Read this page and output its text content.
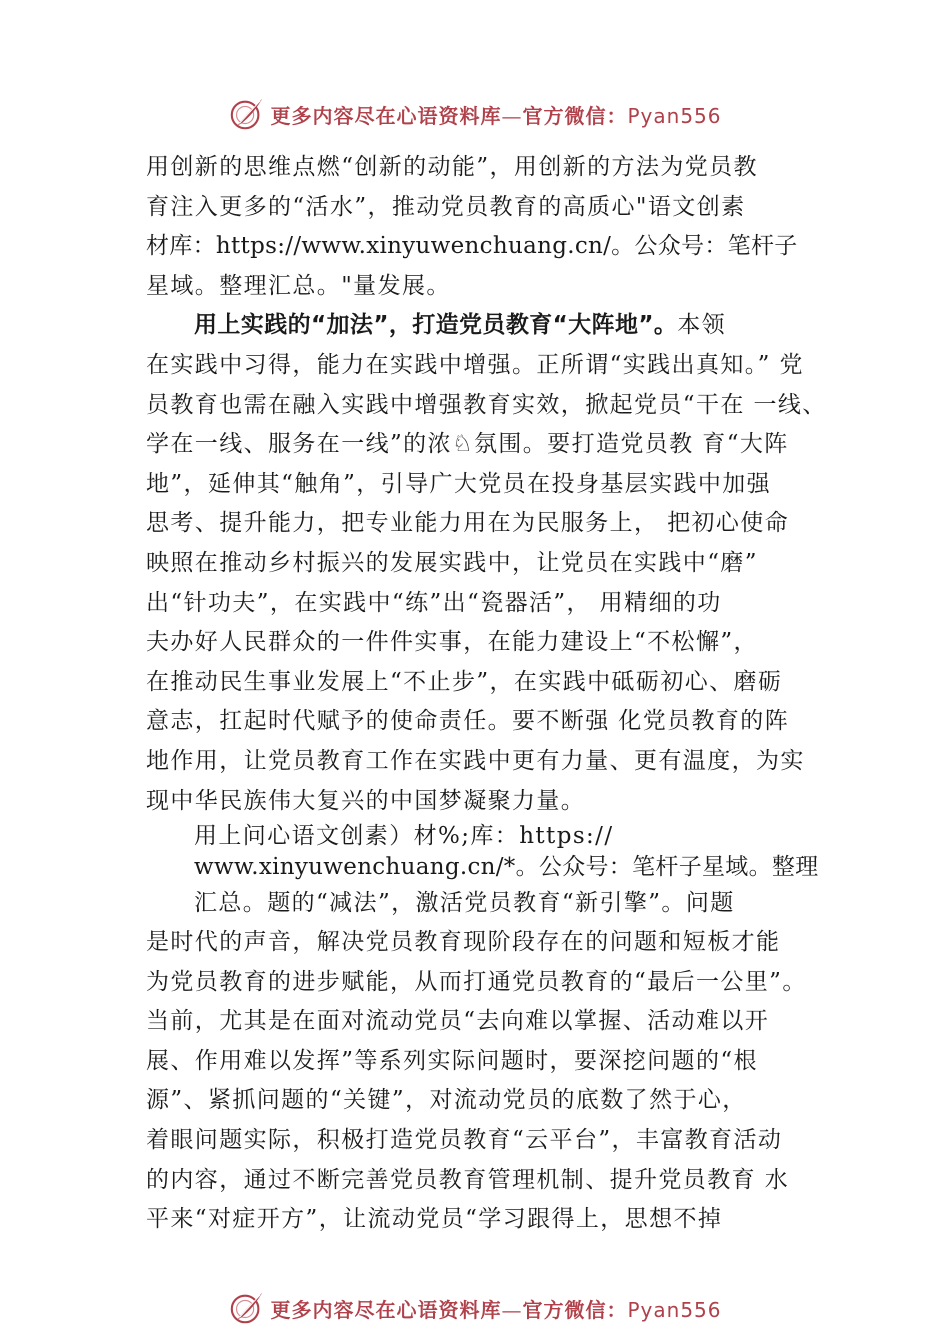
更多内容尽在心语资料库—官方微信：Pyan556
用创新的思维点燃“创新的动能”，用创新的方法为党员教
育注入更多的“活水”，推动党员教育的高质心"语文创素
材库：https://www.xinyuwenchuang.cn/。公众号：笔杆子
星域。整理汇总。"量发展。
用上实践的“加法”，打造党员教育“大阵地”。本领
在实践中习得，能力在实践中增强。正所谓“实践出真知。” 党
员教育也需在融入实践中增强教育实效，掀起党员“干在 一线、
学在一线、服务在一线”的浓♘氛围。要打造党员教 育“大阵
地”，延伸其“触角”，引导广大党员在投身基层实践中加强
思考、提升能力，把专业能力用在为民服务上， 把初心使命
映照在推动乡村振兴的发展实践中，让党员在实践中“磨”
出“针功夫”，在实践中“练”出“瓷器活”， 用精细的功
夫办好人民群众的一件件实事，在能力建设上“不松懈”，
在推动民生事业发展上“不止步”，在实践中砥砺初心、磨砺
意志，扛起时代赋予的使命责任。要不断强 化党员教育的阵
地作用，让党员教育工作在实践中更有力量、更有温度，为实
现中华民族伟大复兴的中国梦凝聚力量。
用上问心语文创素）材%;库：https://
www.xinyuwenchuang.cn/*。公众号：笔杆子星域。整理
汇总。题的“减法”，激活党员教育“新引擎”。问题
是时代的声音，解决党员教育现阶段存在的问题和短板才能
为党员教育的进步赋能，从而打通党员教育的“最后一公里”。
当前，尤其是在面对流动党员“去向难以掌握、活动难以开
展、作用难以发挥”等系列实际问题时，要深挖问题的“根
源”、紧抓问题的“关键”，对流动党员的底数了然于心，
着眼问题实际，积极打造党员教育“云平台”，丰富教育活动
的内容，通过不断完善党员教育管理机制、提升党员教育 水
平来“对症开方”，让流动党员“学习跟得上，思想不掉
更多内容尽在心语资料库—官方微信：Pyan556
